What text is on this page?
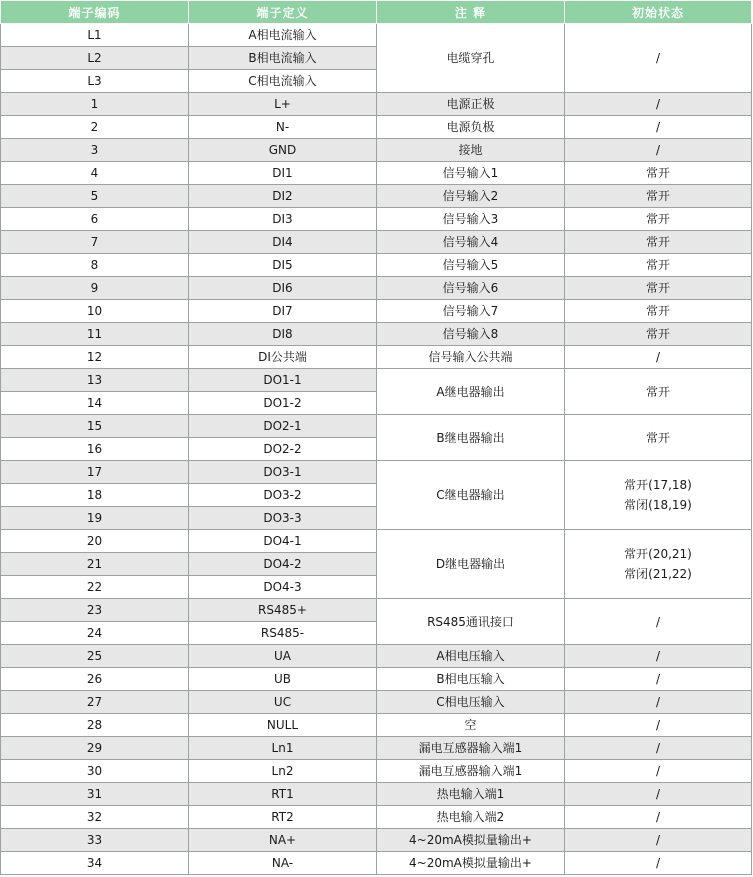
端子编码	端子定义	注 释	初始状态
L1	A相电流输入	电缆穿孔	/
L2	B相电流输入		
L3	C相电流输入		
1	L+	电源正极	/
2	N-	电源负极	/
3	GND	接地	/
4	DI1	信号输入1	常开
5	DI2	信号输入2	常开
6	DI3	信号输入3	常开
7	DI4	信号输入4	常开
8	DI5	信号输入5	常开
9	DI6	信号输入6	常开
10	DI7	信号输入7	常开
11	DI8	信号输入8	常开
12	DI公共端	信号输入公共端	/
13	DO1-1	A继电器输出	常开
14	DO1-2		
15	DO2-1	B继电器输出	常开
16	DO2-2		
17	DO3-1	C继电器输出	常开(17,18)
常闭(18,19)

18	DO3-2		
19	DO3-3		
20	DO4-1	D继电器输出	常开(20,21)
常闭(21,22)

21	DO4-2		
22	DO4-3		
23	RS485+	RS485通讯接口	/
24	RS485-		
25	UA	A相电压输入	/
26	UB	B相电压输入	/
27	UC	C相电压输入	/
28	NULL	空	/
29	Ln1	漏电互感器输入端1	/
30	Ln2	漏电互感器输入端1	/
31	RT1	热电输入端1	/
32	RT2	热电输入端2	/
33	NA+	4~20mA模拟量输出+	/
34	NA-	4~20mA模拟量输出+	/
